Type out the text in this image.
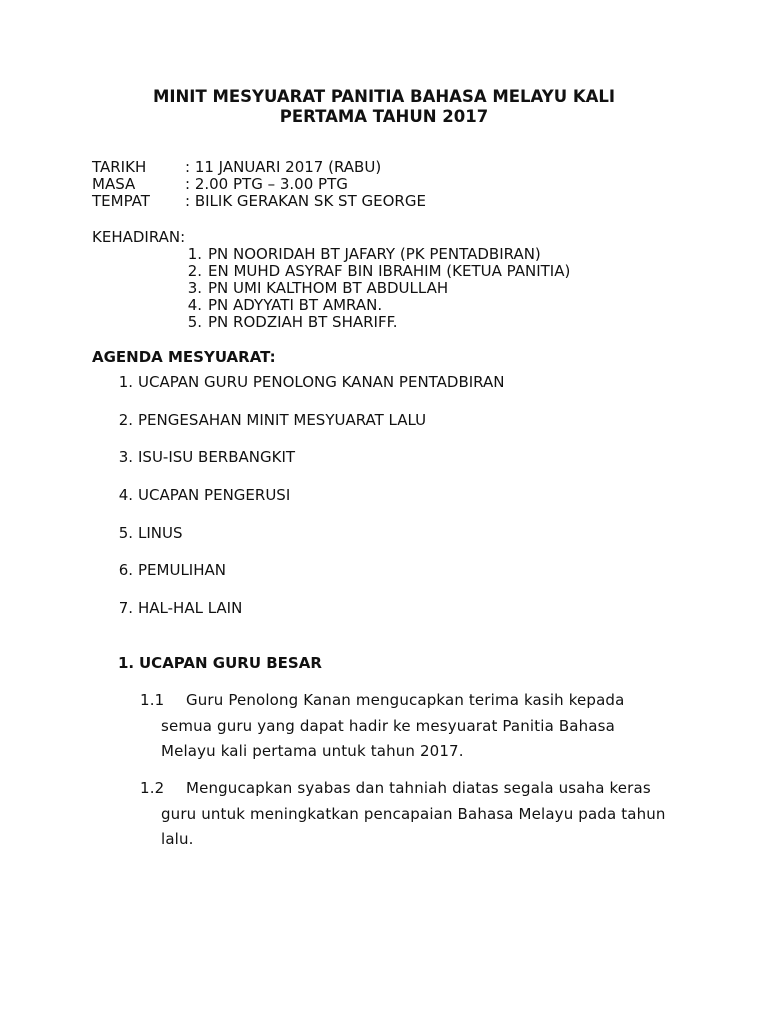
MINIT MESYUARAT PANITIA BAHASA MELAYU KALI
PERTAMA TAHUN 2017
TARIKH	: 11 JANUARI 2017 (RABU)
MASA	: 2.00 PTG – 3.00 PTG
TEMPAT	: BILIK GERAKAN SK ST GEORGE
KEHADIRAN:
1. PN NOORIDAH BT JAFARY (PK PENTADBIRAN)
2. EN MUHD ASYRAF BIN IBRAHIM (KETUA PANITIA)
3. PN UMI KALTHOM BT ABDULLAH
4. PN ADYYATI BT AMRAN.
5. PN RODZIAH BT SHARIFF.
AGENDA MESYUARAT:
1. UCAPAN GURU PENOLONG KANAN PENTADBIRAN
2. PENGESAHAN MINIT MESYUARAT LALU
3. ISU-ISU BERBANGKIT
4. UCAPAN PENGERUSI
5. LINUS
6. PEMULIHAN
7. HAL-HAL LAIN
1. UCAPAN GURU BESAR
1.1	Guru Penolong Kanan mengucapkan terima kasih kepada
semua guru yang dapat hadir ke mesyuarat Panitia Bahasa
Melayu kali pertama untuk tahun 2017.
1.2	Mengucapkan syabas dan tahniah diatas segala usaha keras
guru untuk meningkatkan pencapaian Bahasa Melayu pada tahun
lalu.
